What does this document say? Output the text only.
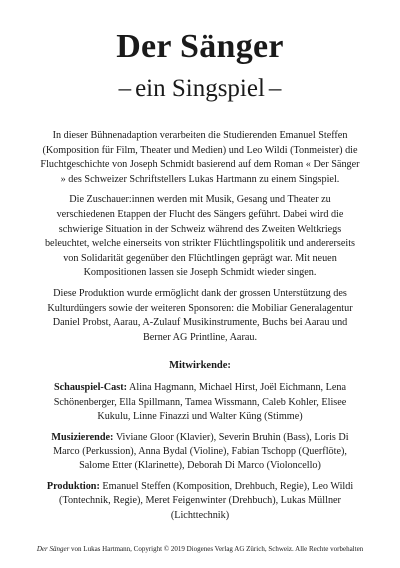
Der Sänger
– ein Singspiel –

In dieser Bühnenadaption verarbeiten die Studierenden Emanuel Steffen (Komposition für Film, Theater und Medien) und Leo Wildi (Tonmeister) die Fluchtgeschichte von Joseph Schmidt basierend auf dem Roman « Der Sänger » des Schweizer Schriftstellers Lukas Hartmann zu einem Singspiel.

Die Zuschauer:innen werden mit Musik, Gesang und Theater zu verschiedenen Etappen der Flucht des Sängers geführt. Dabei wird die schwierige Situation in der Schweiz während des Zweiten Weltkriegs beleuchtet, welche einerseits von strikter Flüchtlingspolitik und andererseits von Solidarität gegenüber den Flüchtlingen geprägt war. Mit neuen Kompositionen lassen sie Joseph Schmidt wieder singen.

Diese Produktion wurde ermöglicht dank der grossen Unterstützung des Kulturdüngers sowie der weiteren Sponsoren: die Mobiliar Generalagentur Daniel Probst, Aarau, A-Zulauf Musikinstrumente, Buchs bei Aarau und Berner AG Printline, Aarau.

Mitwirkende:

Schauspiel-Cast: Alina Hagmann, Michael Hirst, Joël Eichmann, Lena Schönenberger, Ella Spillmann, Tamea Wissmann, Caleb Kohler, Elisee Kukulu, Linne Finazzi und Walter Küng (Stimme)

Musizierende: Viviane Gloor (Klavier), Severin Bruhin (Bass), Loris Di Marco (Perkussion), Anna Bydal (Violine), Fabian Tschopp (Querflöte), Salome Etter (Klarinette), Deborah Di Marco (Violoncello)

Produktion: Emanuel Steffen (Komposition, Drehbuch, Regie), Leo Wildi (Tontechnik, Regie), Meret Feigenwinter (Drehbuch), Lukas Müllner (Lichttechnik)

Der Sänger von Lukas Hartmann, Copyright © 2019 Diogenes Verlag AG Zürich, Schweiz. Alle Rechte vorbehalten
